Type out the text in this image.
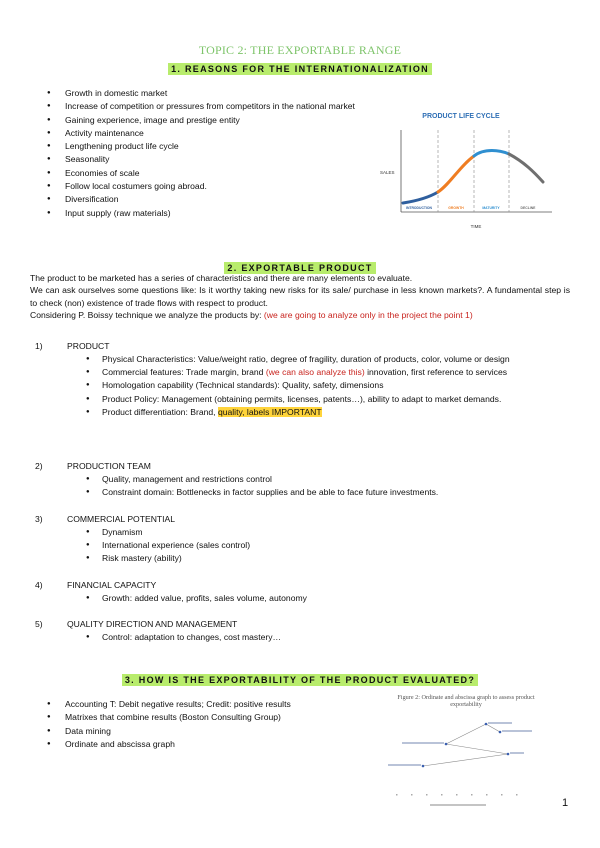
TOPIC 2: THE EXPORTABLE RANGE
1. REASONS FOR THE INTERNATIONALIZATION
● Growth in domestic market
● Increase of competition or pressures from competitors in the national market
● Gaining experience, image and prestige entity
● Activity maintenance
● Lengthening product life cycle
● Seasonality
● Economies of scale
● Follow local costumers going abroad.
● Diversification
● Input supply (raw materials)
PRODUCT LIFE CYCLE
SALES
TIME
INTRODUCTION	GROWTH	MATURITY	DECLINE
2. EXPORTABLE PRODUCT
The product to be marketed has a series of characteristics and there are many elements to evaluate.
We can ask ourselves some questions like: Is it worthy taking new risks for its sale/ purchase in less known markets?. A fundamental step is to check (non) existence of trade flows with respect to product.
Considering P. Boissy technique we analyze the products by: (we are going to analyze only in the project the point 1)
1)	PRODUCT
● Physical Characteristics: Value/weight ratio, degree of fragility, duration of products, color, volume or design
● Commercial features: Trade margin, brand (we can also analyze this) innovation, first reference to services
● Homologation capability (Technical standards): Quality, safety, dimensions
● Product Policy: Management (obtaining permits, licenses, patents…), ability to adapt to market demands.
● Product differentiation: Brand, quality, labels IMPORTANT
2)	PRODUCTION TEAM
● Quality, management and restrictions control
● Constraint domain: Bottlenecks in factor supplies and be able to face future investments.
3)	COMMERCIAL POTENTIAL
● Dynamism
● International experience (sales control)
● Risk mastery (ability)
4)	FINANCIAL CAPACITY
● Growth: added value, profits, sales volume, autonomy
5)	QUALITY DIRECTION AND MANAGEMENT
● Control: adaptation to changes, cost mastery…
3. HOW IS THE EXPORTABILITY OF THE PRODUCT EVALUATED?
● Accounting T: Debit negative results; Credit: positive results
● Matrixes that combine results (Boston Consulting Group)
● Data mining
● Ordinate and abscissa graph
Figure 2: Ordinate and abscissa graph to assess product exportability
1
